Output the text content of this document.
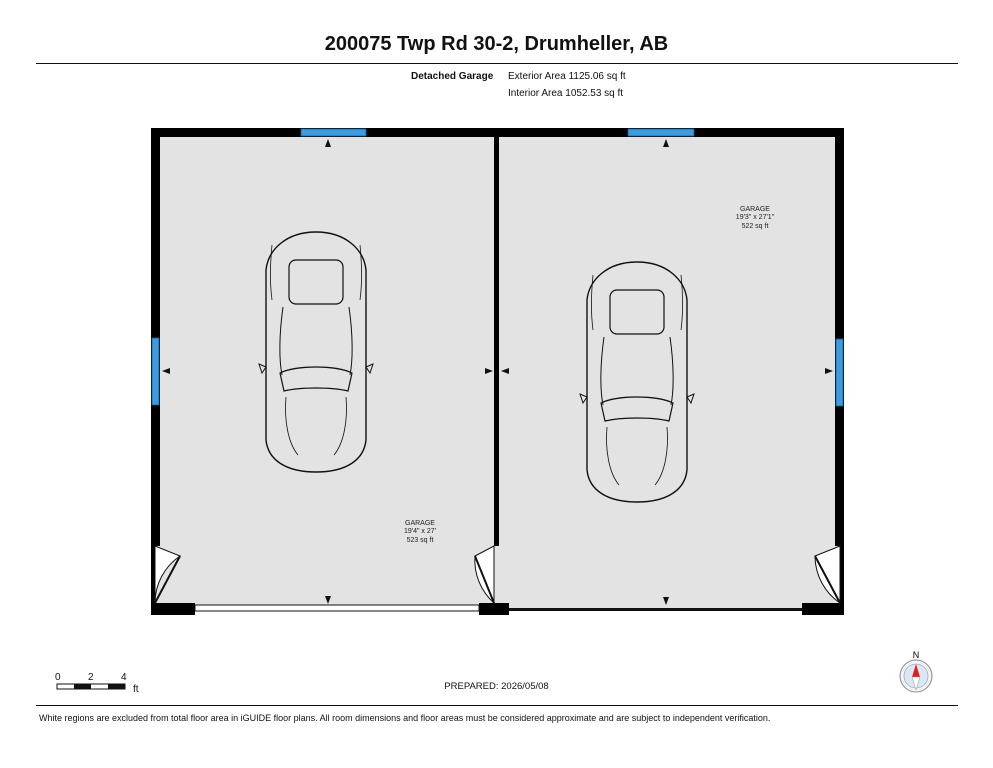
200075 Twp Rd 30-2, Drumheller, AB
Detached Garage Exterior Area 1125.06 sq ft
Interior Area 1052.53 sq ft
GARAGE
19'4" x 27'
523 sq ft
GARAGE
19'3" x 27'1"
522 sq ft
0	2	4
ft
N
PREPARED: 2026/05/08
White regions are excluded from total floor area in iGUIDE floor plans. All room dimensions and floor areas must be considered approximate and are subject to independent verification.
